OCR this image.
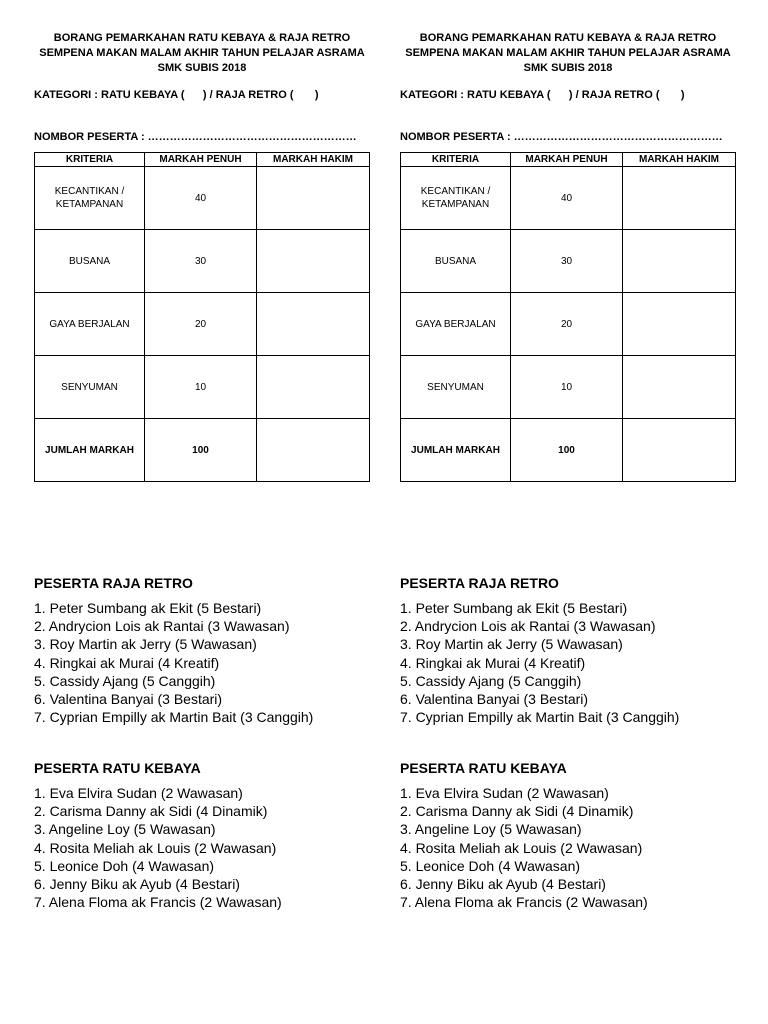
BORANG PEMARKAHAN RATU KEBAYA & RAJA RETRO
SEMPENA MAKAN MALAM AKHIR TAHUN PELAJAR ASRAMA
SMK SUBIS 2018
KATEGORI : RATU KEBAYA (      ) / RAJA RETRO (       )
NOMBOR PESERTA : …………………………………………………
KRITERIA	MARKAH PENUH	MARKAH HAKIM

KECANTIKAN /
KETAMPANAN	40	
BUSANA	30	
GAYA BERJALAN	20	
SENYUMAN	10	
JUMLAH MARKAH	100	
PESERTA RAJA RETRO
1. Peter Sumbang ak Ekit (5 Bestari)
2. Andrycion Lois ak Rantai (3 Wawasan)
3. Roy Martin ak Jerry (5 Wawasan)
4. Ringkai ak Murai (4 Kreatif)
5. Cassidy Ajang (5 Canggih)
6. Valentina Banyai (3 Bestari)
7. Cyprian Empilly ak Martin Bait (3 Canggih)
PESERTA RATU KEBAYA
1. Eva Elvira Sudan (2 Wawasan)
2. Carisma Danny ak Sidi (4 Dinamik)
3. Angeline Loy (5 Wawasan)
4. Rosita Meliah ak Louis (2 Wawasan)
5. Leonice Doh (4 Wawasan)
6. Jenny Biku ak Ayub (4 Bestari)
7. Alena Floma ak Francis (2 Wawasan)
BORANG PEMARKAHAN RATU KEBAYA & RAJA RETRO
SEMPENA MAKAN MALAM AKHIR TAHUN PELAJAR ASRAMA
SMK SUBIS 2018
KATEGORI : RATU KEBAYA (      ) / RAJA RETRO (       )
NOMBOR PESERTA : …………………………………………………
KRITERIA	MARKAH PENUH	MARKAH HAKIM

KECANTIKAN /
KETAMPANAN	40	
BUSANA	30	
GAYA BERJALAN	20	
SENYUMAN	10	
JUMLAH MARKAH	100	
PESERTA RAJA RETRO
1. Peter Sumbang ak Ekit (5 Bestari)
2. Andrycion Lois ak Rantai (3 Wawasan)
3. Roy Martin ak Jerry (5 Wawasan)
4. Ringkai ak Murai (4 Kreatif)
5. Cassidy Ajang (5 Canggih)
6. Valentina Banyai (3 Bestari)
7. Cyprian Empilly ak Martin Bait (3 Canggih)
PESERTA RATU KEBAYA
1. Eva Elvira Sudan (2 Wawasan)
2. Carisma Danny ak Sidi (4 Dinamik)
3. Angeline Loy (5 Wawasan)
4. Rosita Meliah ak Louis (2 Wawasan)
5. Leonice Doh (4 Wawasan)
6. Jenny Biku ak Ayub (4 Bestari)
7. Alena Floma ak Francis (2 Wawasan)
